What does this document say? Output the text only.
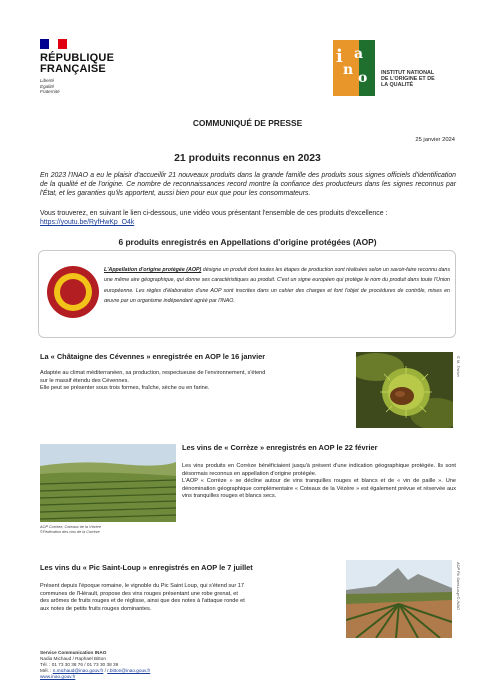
RÉPUBLIQUE
FRANÇAISE
Liberté
Égalité
Fraternité
i
n
a
o	INSTITUT NATIONAL
DE L'ORIGINE ET DE
LA QUALITÉ
COMMUNIQUÉ DE PRESSE
25 janvier 2024
21 produits reconnus en 2023
En 2023 l'INAO a eu le plaisir d'accueillir 21 nouveaux produits dans la grande famille des produits sous signes officiels d'identification de la qualité et de l'origine. Ce nombre de reconnaissances record montre la confiance des producteurs dans les signes reconnus par l'État, et les garanties qu'ils apportent, aussi bien pour eux que pour les consommateurs.
Vous trouverez, en suivant le lien ci-dessous, une vidéo vous présentant l'ensemble de ces produits d'excellence :
https://youtu.be/RyfHwKp_O4k
6 produits enregistrés en Appellations d'origine protégées (AOP)
L'Appellation d'origine protégée (AOP) désigne un produit dont toutes les étapes de production sont réalisées selon un savoir-faire reconnu dans une même aire géographique, qui donne ses caractéristiques au produit. C'est un signe européen qui protège le nom du produit dans toute l'Union européenne. Les règles d'élaboration d'une AOP sont inscrites dans un cahier des charges et font l'objet de procédures de contrôle, mises en œuvre par un organisme indépendant agréé par l'INAO.
La « Châtaigne des Cévennes » enregistrée en AOP le 16 janvier
Adaptée au climat méditerranéen, sa production, respectueuse de l'environnement, s'étend
sur le massif étendu des Cévennes.
Elle peut se présenter sous trois formes, fraîche, sèche ou en farine.
© M. Thirion
AOP Corrèze, Coteaux de la Vézère
©Fédération des vins de la Corrèze
Les vins de « Corrèze » enregistrés en AOP le 22 février
Les vins produits en Corrèze bénéficiaient jusqu'à présent d'une indication géographique protégée. Ils sont désormais reconnus en appellation d'origine protégée.
L'AOP « Corrèze » se décline autour de vins tranquilles rouges et blancs et de « vin de paille ». Une dénomination géographique complémentaire « Coteaux de la Vézère » est également prévue et réservée aux vins tranquilles rouges et blancs secs.
Les vins du « Pic Saint-Loup » enregistrés en AOP le 7 juillet
Présent depuis l'époque romaine, le vignoble du Pic Saint Loup, qui s'étend sur 17
communes de l'Hérault, propose des vins rouges présentant une robe grenat, et
des arômes de fruits rouges et de réglisse, ainsi que des notes à l'attaque ronde et
aux notes de petits fruits rouges dominantes.	AOP Pic Saint-Loup © INAO
Service Communication INAO
Nadia Michaud / Raphaël Bitton
Tél. : 01 73 30 38 76 / 01 73 30 38 39
Mél. : n.michaud@inao.gouv.fr / r.bitton@inao.gouv.fr
www.inao.gouv.fr
